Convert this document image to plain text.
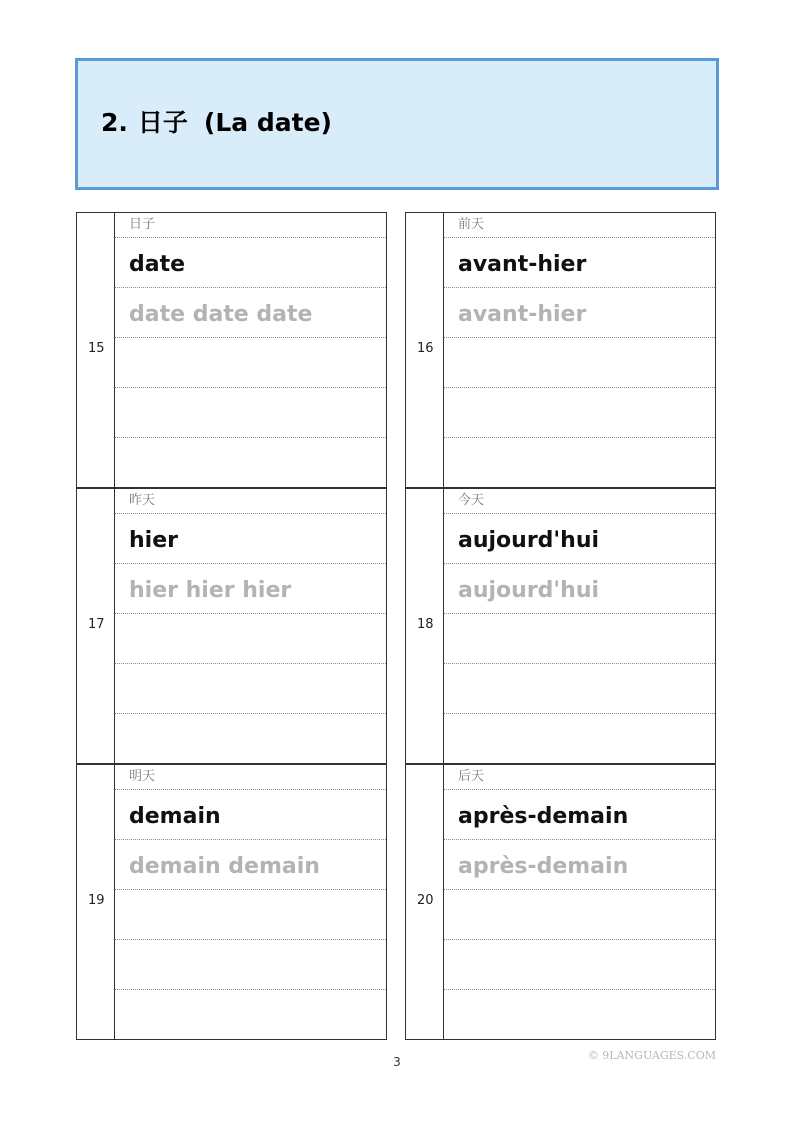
2. 日子 (La date)
15
日子
date
date date date
16
前天
avant-hier
avant-hier
17
昨天
hier
hier hier hier
18
今天
aujourd'hui
aujourd'hui
19
明天
demain
demain demain
20
后天
après-demain
après-demain
3	© 9LANGUAGES.COM
